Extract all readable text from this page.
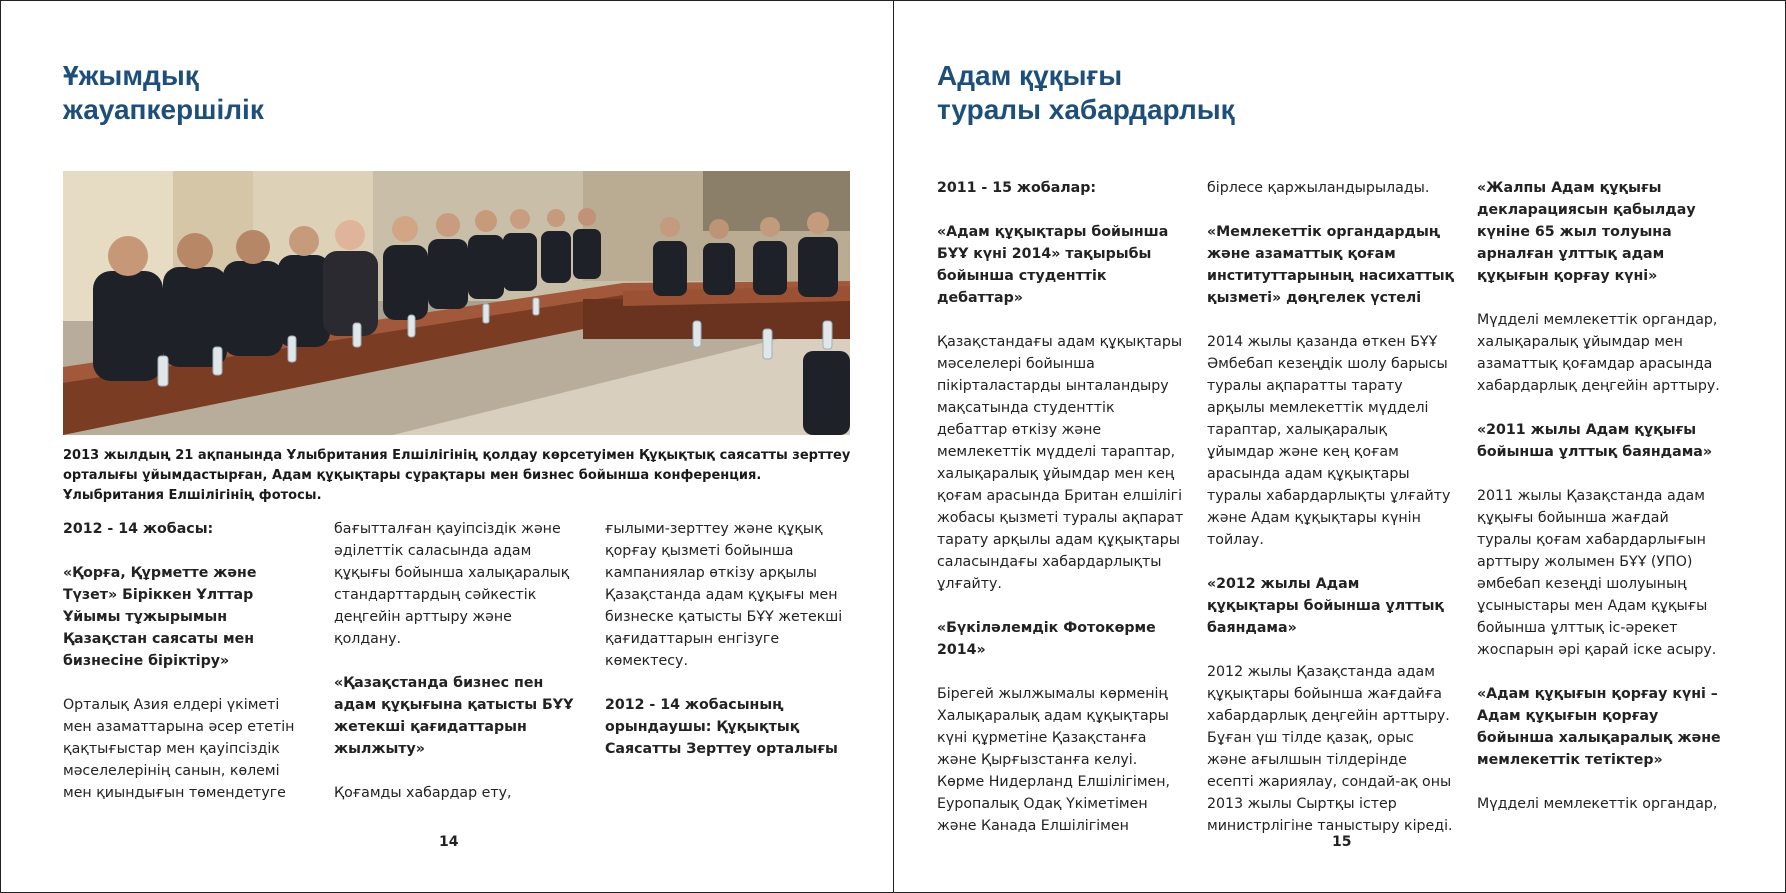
Ұжымдық
жауапкершілік

2013 жылдың 21 ақпанында Ұлыбритания Елшілігінің қолдау көрсетуімен Құқықтық саясатты зерттеу орталығы ұйымдастырған, Адам құқықтары сұрақтары мен бизнес бойынша конференция. Ұлыбритания Елшілігінің фотосы.

2012 - 14 жобасы:

«Қорға, Құрметте және Түзет» Біріккен Ұлттар Ұйымы тұжырымын Қазақстан саясаты мен бизнесіне біріктіру»

Орталық Азия елдері үкіметі мен азаматтарына әсер ететін қақтығыстар мен қауіпсіздік мәселелерінің санын, көлемі мен қиындығын төмендетуге

бағытталған қауіпсіздік және әділеттік саласында адам құқығы бойынша халықаралық стандарттардың сәйкестік деңгейін арттыру және қолдану.

«Қазақстанда бизнес пен адам құқығына қатысты БҰҰ жетекші қағидаттарын жылжыту»

Қоғамды хабардар ету,

ғылыми-зерттеу және құқық қорғау қызметі бойынша кампаниялар өткізу арқылы Қазақстанда адам құқығы мен бизнеске қатысты БҰҰ жетекші қағидаттарын енгізуге көмектесу.

2012 - 14 жобасының орындаушы: Құқықтық Саясатты Зерттеу орталығы

14
Адам құқығы
туралы хабардарлық

2011 - 15 жобалар:

«Адам құқықтары бойынша БҰҰ күні 2014» тақырыбы бойынша студенттік дебаттар»

Қазақстандағы адам құқықтары мәселелері бойынша пікірталастарды ынталандыру мақсатында студенттік дебаттар өткізу және мемлекеттік мүдделі тараптар, халықаралық ұйымдар мен кең қоғам арасында Британ елшілігі жобасы қызметі туралы ақпарат тарату арқылы адам құқықтары саласындағы хабардарлықты ұлғайту.

«Бүкіләлемдік Фотокөрме 2014»

Бірегей жылжымалы көрменің Халықаралық адам құқықтары күні құрметіне Қазақстанға және Қырғызстанға келуі. Көрме Нидерланд Елшілігімен, Еуропалық Одақ Үкіметімен және Канада Елшілігімен

бірлесе қаржыландырылады.

«Мемлекеттік органдардың және азаматтық қоғам институттарының насихаттық қызметі» дөңгелек үстелі

2014 жылы қазанда өткен БҰҰ Әмбебап кезеңдік шолу барысы туралы ақпаратты тарату арқылы мемлекеттік мүдделі тараптар, халықаралық ұйымдар және кең қоғам арасында адам құқықтары туралы хабардарлықты ұлғайту және Адам құқықтары күнін тойлау.

«2012 жылы Адам құқықтары бойынша ұлттық баяндама»

2012 жылы Қазақстанда адам құқықтары бойынша жағдайға хабардарлық деңгейін арттыру. Бұған үш тілде қазақ, орыс және ағылшын тілдерінде есепті жариялау, сондай-ақ оны 2013 жылы Сыртқы істер министрлігіне таныстыру кіреді.

«Жалпы Адам құқығы декларациясын қабылдау күніне 65 жыл толуына арналған ұлттық адам құқығын қорғау күні»

Мүдделі мемлекеттік органдар, халықаралық ұйымдар мен азаматтық қоғамдар арасында хабардарлық деңгейін арттыру.

«2011 жылы Адам құқығы бойынша ұлттық баяндама»

2011 жылы Қазақстанда адам құқығы бойынша жағдай туралы қоғам хабардарлығын арттыру жолымен БҰҰ (УПО) әмбебап кезеңді шолуының ұсыныстары мен Адам құқығы бойынша ұлттық іс-әрекет жоспарын әрі қарай іске асыру.

«Адам құқығын қорғау күні – Адам құқығын қорғау бойынша халықаралық және мемлекеттік тетіктер»

Мүдделі мемлекеттік органдар,

15
